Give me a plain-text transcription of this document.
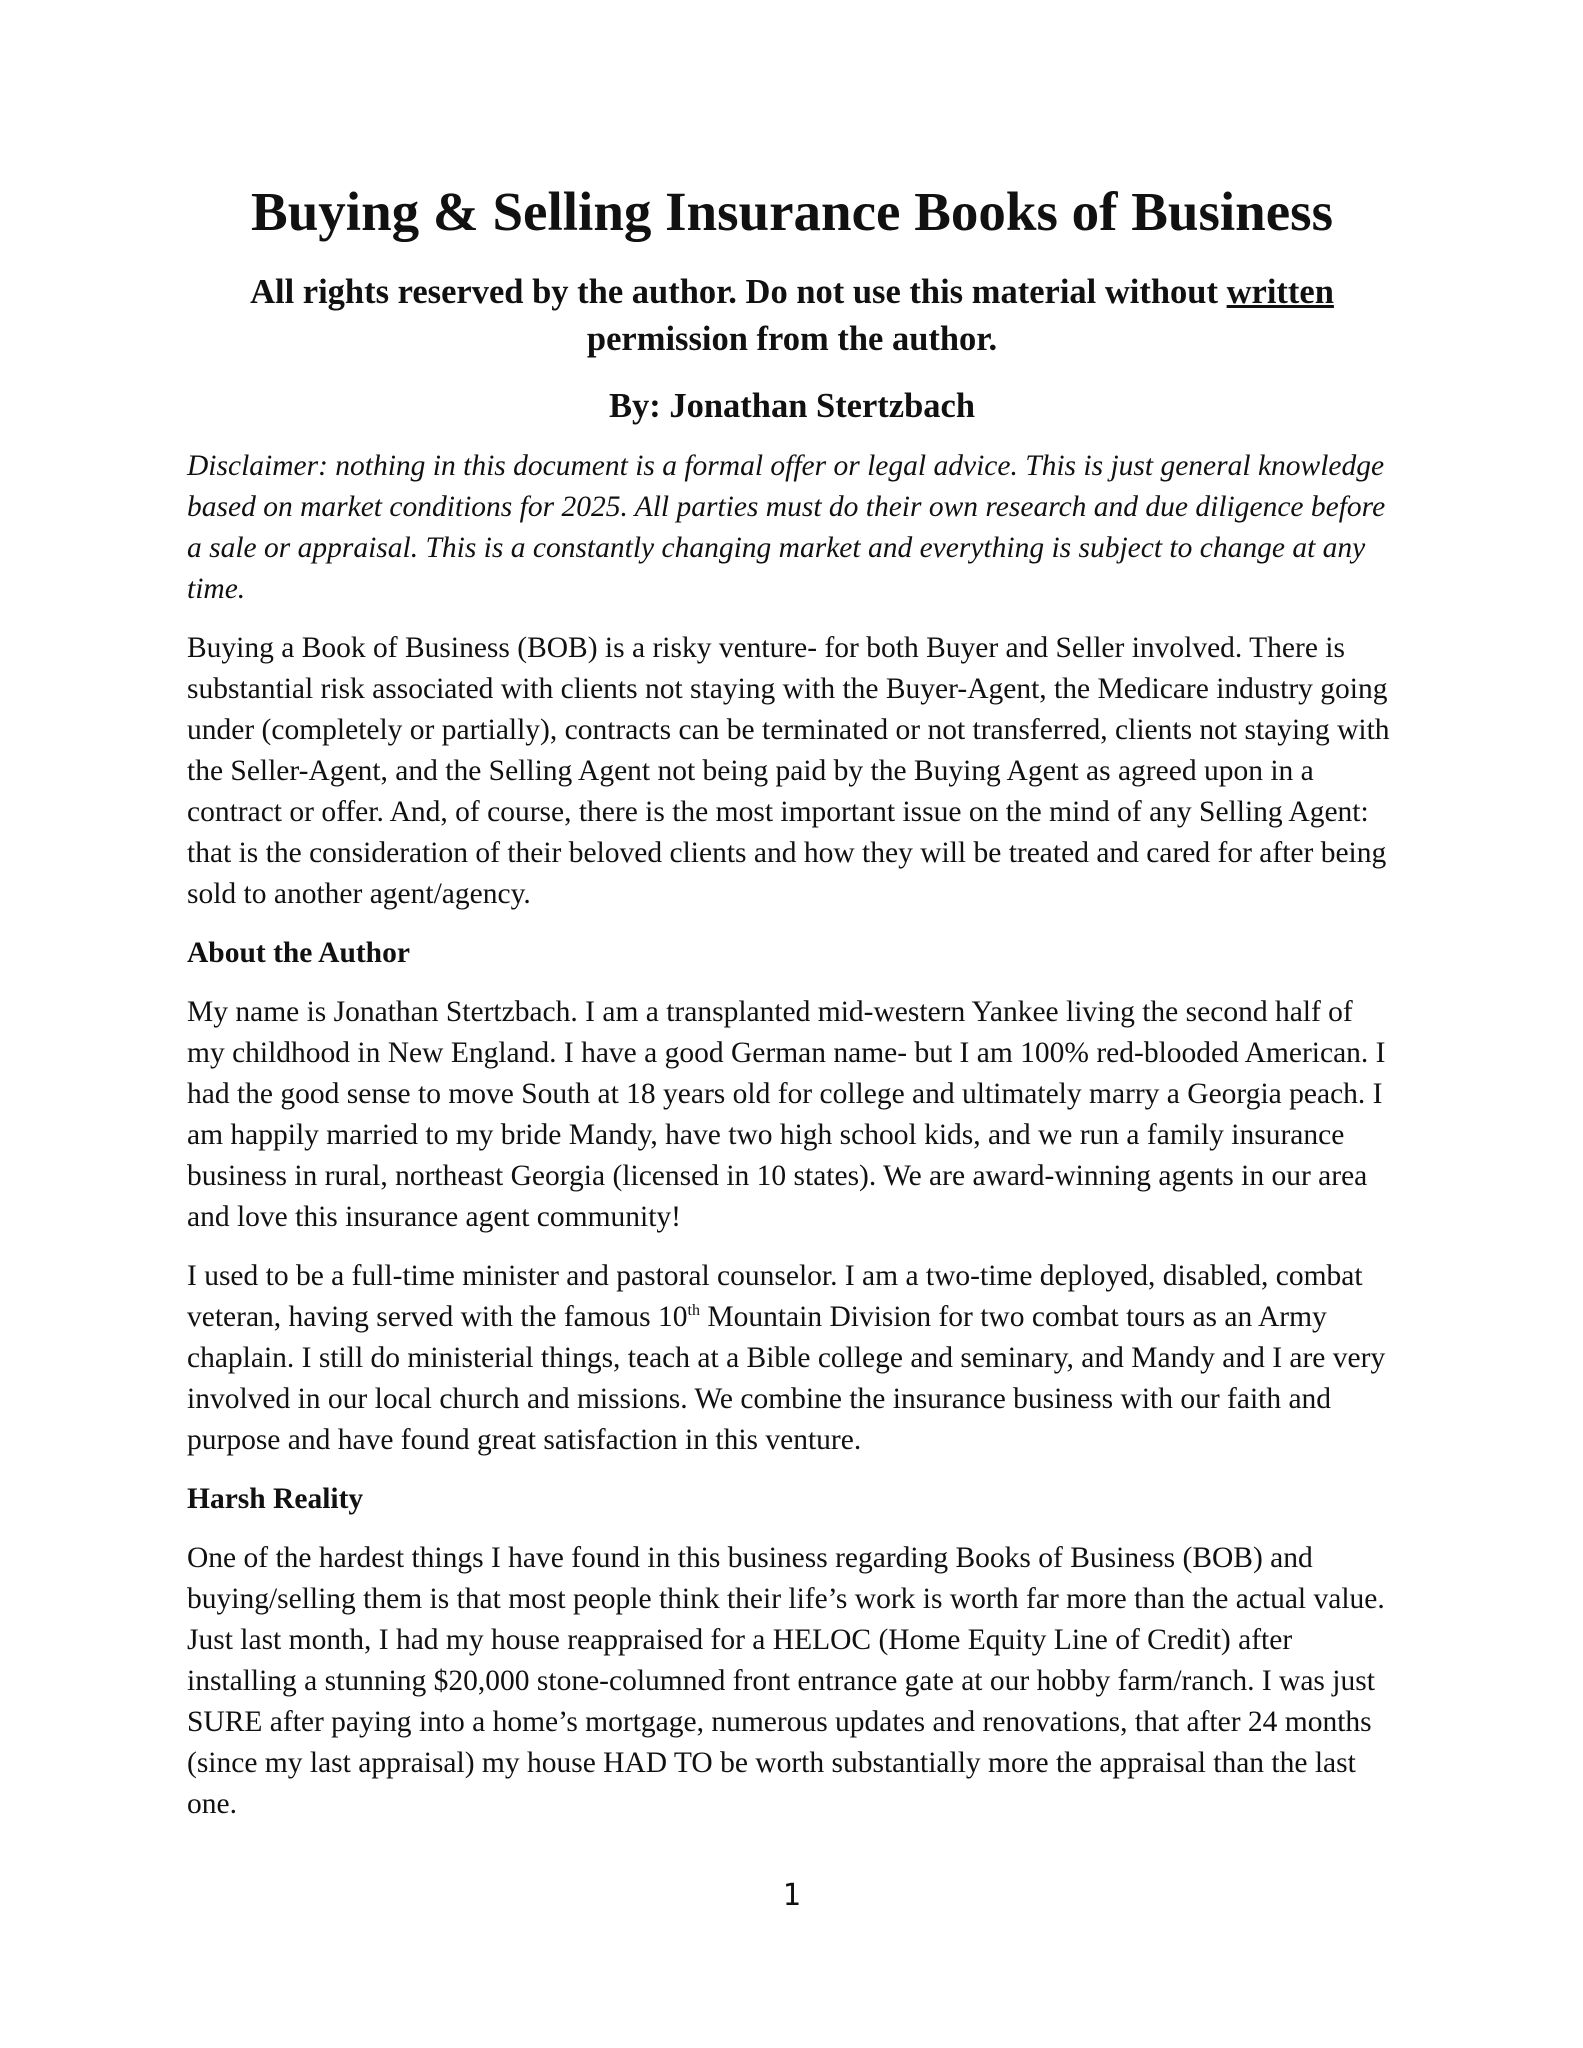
Buying & Selling Insurance Books of Business

All rights reserved by the author. Do not use this material without written permission from the author.

By: Jonathan Stertzbach

Disclaimer: nothing in this document is a formal offer or legal advice. This is just general knowledge based on market conditions for 2025. All parties must do their own research and due diligence before a sale or appraisal. This is a constantly changing market and everything is subject to change at any time.

Buying a Book of Business (BOB) is a risky venture- for both Buyer and Seller involved. There is substantial risk associated with clients not staying with the Buyer-Agent, the Medicare industry going under (completely or partially), contracts can be terminated or not transferred, clients not staying with the Seller-Agent, and the Selling Agent not being paid by the Buying Agent as agreed upon in a contract or offer. And, of course, there is the most important issue on the mind of any Selling Agent: that is the consideration of their beloved clients and how they will be treated and cared for after being sold to another agent/agency.

About the Author

My name is Jonathan Stertzbach. I am a transplanted mid-western Yankee living the second half of my childhood in New England. I have a good German name- but I am 100% red-blooded American. I had the good sense to move South at 18 years old for college and ultimately marry a Georgia peach. I am happily married to my bride Mandy, have two high school kids, and we run a family insurance business in rural, northeast Georgia (licensed in 10 states). We are award-winning agents in our area and love this insurance agent community!

I used to be a full-time minister and pastoral counselor. I am a two-time deployed, disabled, combat veteran, having served with the famous 10th Mountain Division for two combat tours as an Army chaplain. I still do ministerial things, teach at a Bible college and seminary, and Mandy and I are very involved in our local church and missions. We combine the insurance business with our faith and purpose and have found great satisfaction in this venture.

Harsh Reality

One of the hardest things I have found in this business regarding Books of Business (BOB) and buying/selling them is that most people think their life’s work is worth far more than the actual value. Just last month, I had my house reappraised for a HELOC (Home Equity Line of Credit) after installing a stunning $20,000 stone-columned front entrance gate at our hobby farm/ranch. I was just SURE after paying into a home’s mortgage, numerous updates and renovations, that after 24 months (since my last appraisal) my house HAD TO be worth substantially more the appraisal than the last one.

1
